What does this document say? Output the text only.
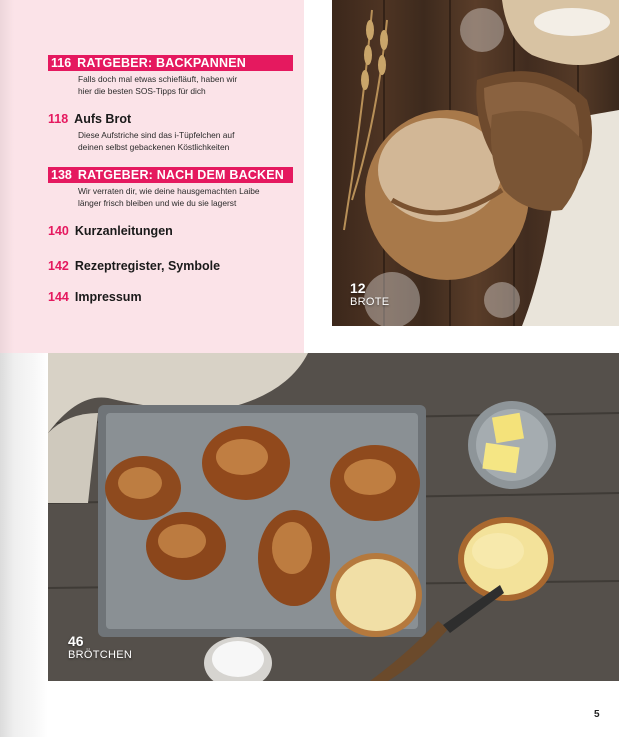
116 RATGEBER: BACKPANNEN
Falls doch mal etwas schiefläuft, haben wir
hier die besten SOS-Tipps für dich
118 Aufs Brot
Diese Aufstriche sind das i-Tüpfelchen auf
deinen selbst gebackenen Köstlichkeiten
138 RATGEBER: NACH DEM BACKEN
Wir verraten dir, wie deine hausgemachten Laibe
länger frisch bleiben und wie du sie lagerst
140 Kurzanleitungen
142 Rezeptregister, Symbole
144 Impressum
12
BROTE
46
BRÖTCHEN
5
